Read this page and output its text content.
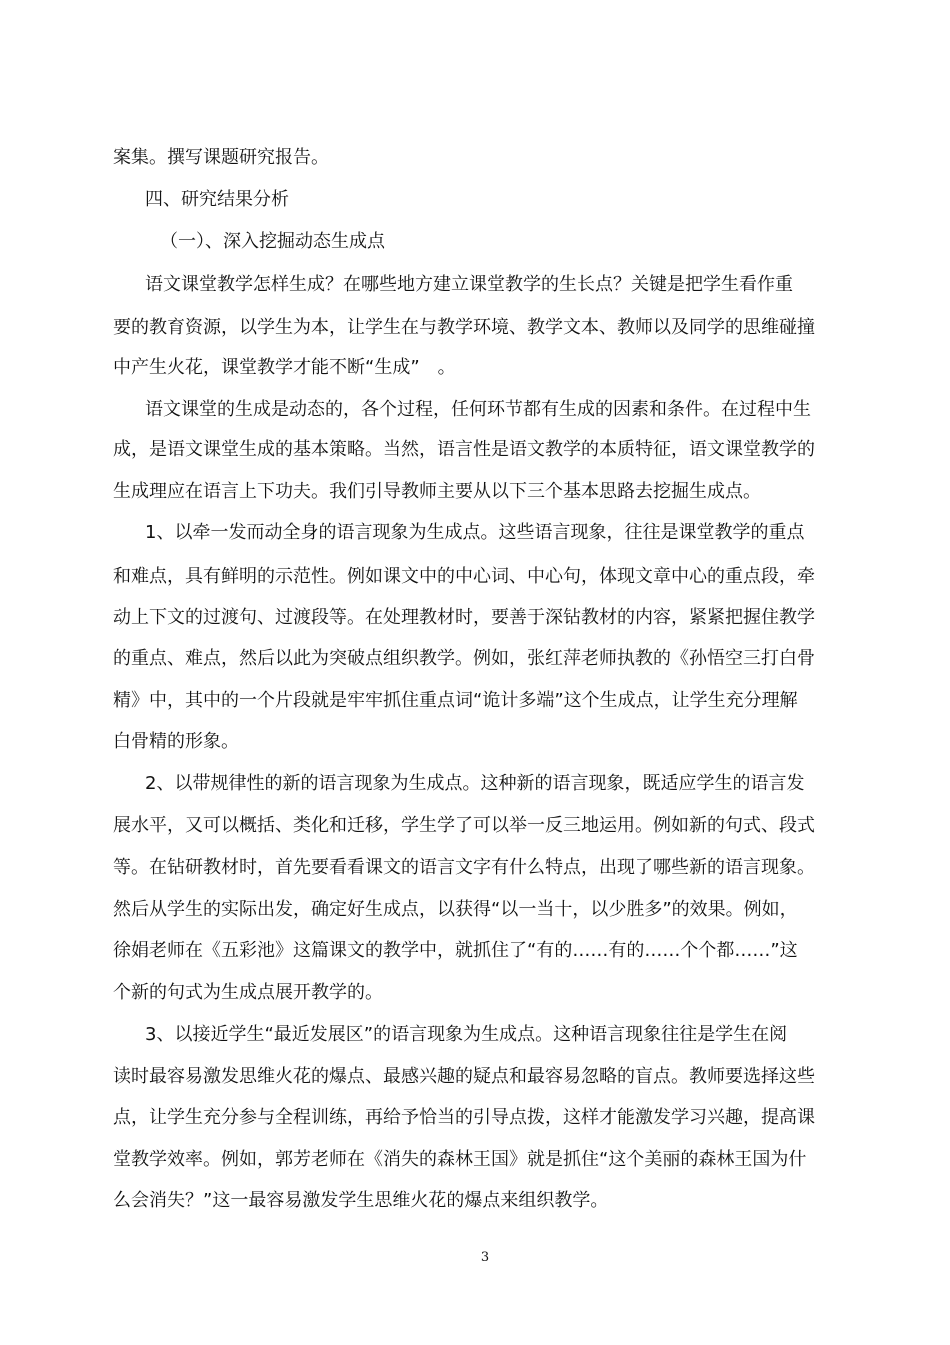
案集。撰写课题研究报告。
四、研究结果分析
（一）、深入挖掘动态生成点
语文课堂教学怎样生成？在哪些地方建立课堂教学的生长点？关键是把学生看作重
要的教育资源，以学生为本，让学生在与教学环境、教学文本、教师以及同学的思维碰撞
中产生火花，课堂教学才能不断“生成”　。
语文课堂的生成是动态的，各个过程，任何环节都有生成的因素和条件。在过程中生
成，是语文课堂生成的基本策略。当然，语言性是语文教学的本质特征，语文课堂教学的
生成理应在语言上下功夫。我们引导教师主要从以下三个基本思路去挖掘生成点。
1、以牵一发而动全身的语言现象为生成点。这些语言现象，往往是课堂教学的重点
和难点，具有鲜明的示范性。例如课文中的中心词、中心句，体现文章中心的重点段，牵
动上下文的过渡句、过渡段等。在处理教材时，要善于深钻教材的内容，紧紧把握住教学
的重点、难点，然后以此为突破点组织教学。例如，张红萍老师执教的《孙悟空三打白骨
精》中，其中的一个片段就是牢牢抓住重点词“诡计多端”这个生成点，让学生充分理解
白骨精的形象。
2、以带规律性的新的语言现象为生成点。这种新的语言现象，既适应学生的语言发
展水平，又可以概括、类化和迁移，学生学了可以举一反三地运用。例如新的句式、段式
等。在钻研教材时，首先要看看课文的语言文字有什么特点，出现了哪些新的语言现象。
然后从学生的实际出发，确定好生成点，以获得“以一当十，以少胜多”的效果。例如，
徐娟老师在《五彩池》这篇课文的教学中，就抓住了“有的……有的……个个都……”这
个新的句式为生成点展开教学的。
3、以接近学生“最近发展区”的语言现象为生成点。这种语言现象往往是学生在阅
读时最容易激发思维火花的爆点、最感兴趣的疑点和最容易忽略的盲点。教师要选择这些
点，让学生充分参与全程训练，再给予恰当的引导点拨，这样才能激发学习兴趣，提高课
堂教学效率。例如，郭芳老师在《消失的森林王国》就是抓住“这个美丽的森林王国为什
么会消失？”这一最容易激发学生思维火花的爆点来组织教学。
3
